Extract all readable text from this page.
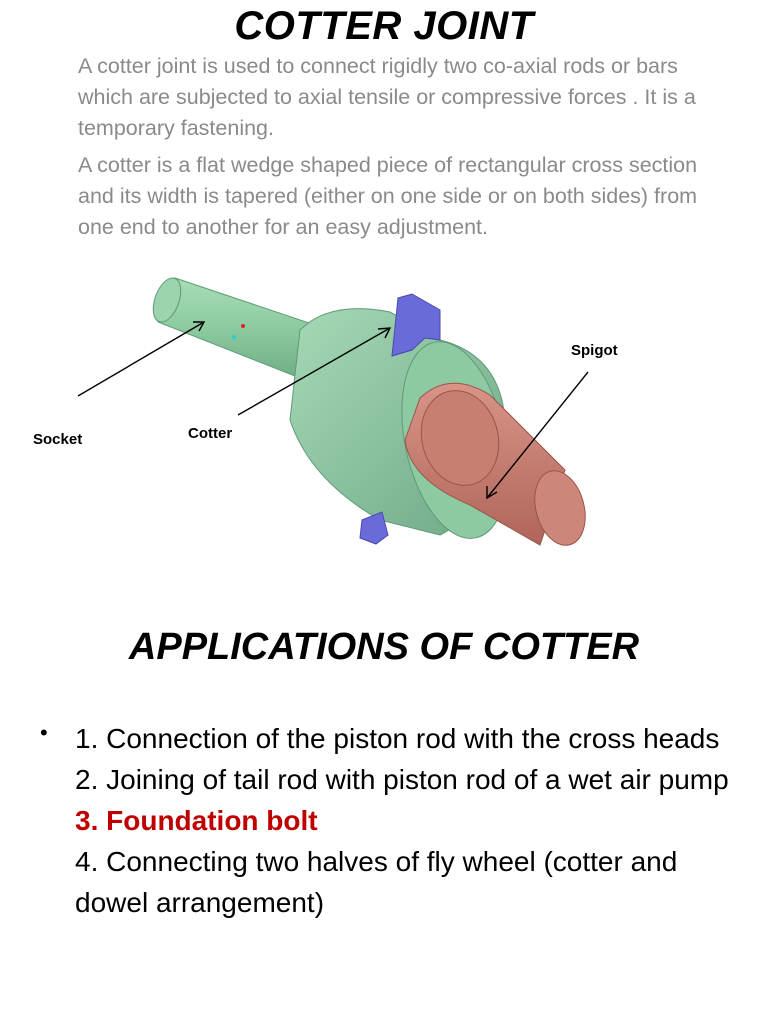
COTTER JOINT

A cotter joint is used to connect rigidly two co-axial rods or bars which are subjected to axial tensile or compressive forces . It is a temporary fastening.

A cotter is a flat wedge shaped piece of rectangular cross section and its width is tapered (either on one side or on both sides) from one end to another for an easy adjustment.

Socket	Cotter
Spigot
APPLICATIONS OF COTTER
• 1. Connection of the piston rod with the cross heads
2. Joining of tail rod with piston rod of a wet air pump
3. Foundation bolt
4. Connecting two halves of fly wheel (cotter and dowel arrangement)
